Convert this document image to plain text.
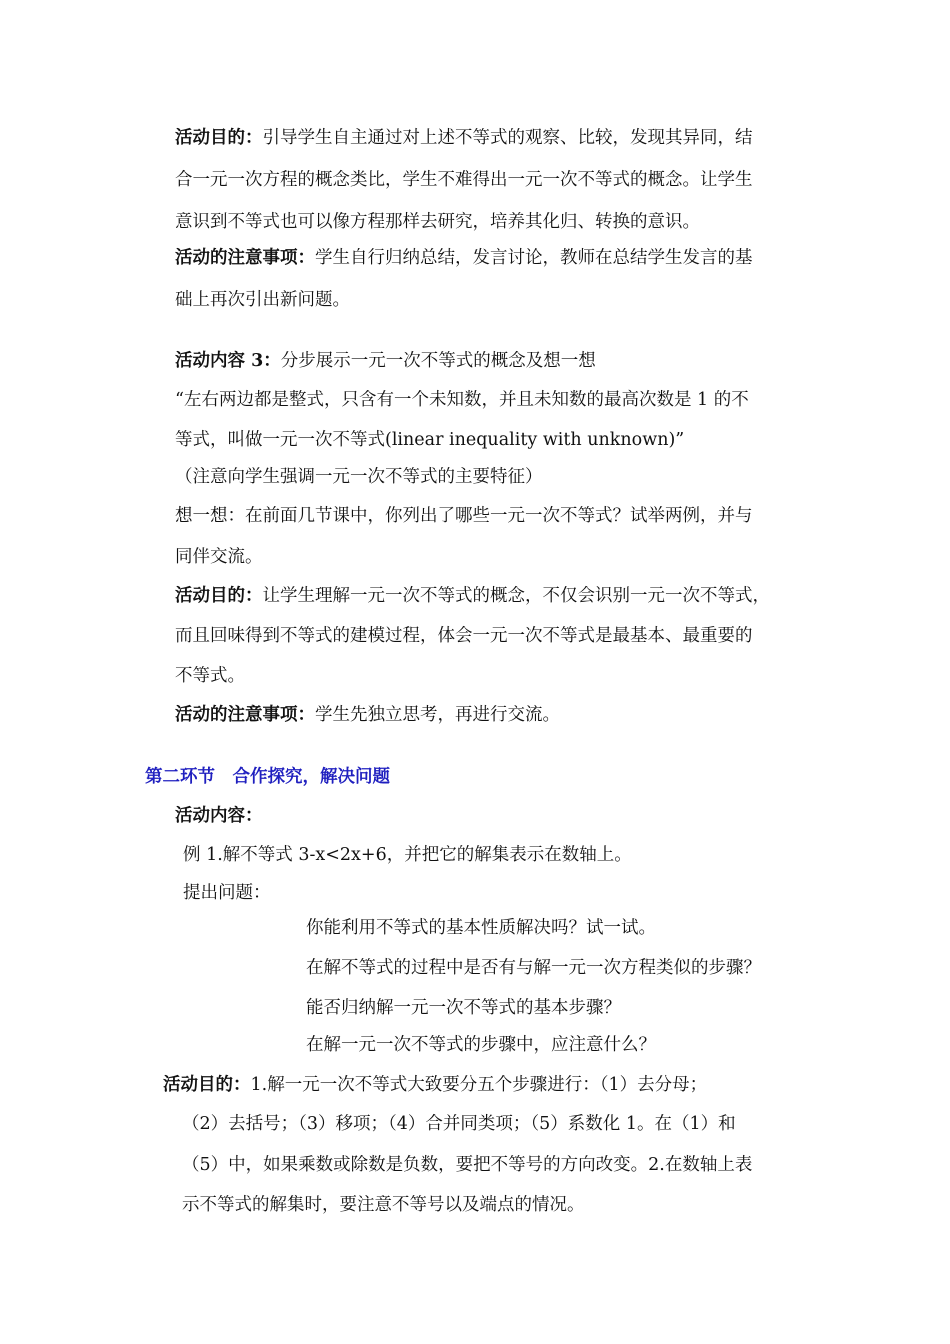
活动目的：引导学生自主通过对上述不等式的观察、比较，发现其异同，结
合一元一次方程的概念类比，学生不难得出一元一次不等式的概念。让学生
意识到不等式也可以像方程那样去研究，培养其化归、转换的意识。
活动的注意事项：学生自行归纳总结，发言讨论，教师在总结学生发言的基
础上再次引出新问题。
活动内容 3：分步展示一元一次不等式的概念及想一想
“左右两边都是整式，只含有一个未知数，并且未知数的最高次数是 1 的不
等式，叫做一元一次不等式(linear inequality with unknown)”
（注意向学生强调一元一次不等式的主要特征）
想一想：在前面几节课中，你列出了哪些一元一次不等式？试举两例，并与
同伴交流。
活动目的：让学生理解一元一次不等式的概念，不仅会识别一元一次不等式，
而且回味得到不等式的建模过程，体会一元一次不等式是最基本、最重要的
不等式。
活动的注意事项：学生先独立思考，再进行交流。
第二环节　合作探究，解决问题
活动内容：
例 1.解不等式 3-x<2x+6，并把它的解集表示在数轴上。
提出问题：
你能利用不等式的基本性质解决吗？试一试。
在解不等式的过程中是否有与解一元一次方程类似的步骤？
能否归纳解一元一次不等式的基本步骤？
在解一元一次不等式的步骤中，应注意什么？
活动目的：1.解一元一次不等式大致要分五个步骤进行：（1）去分母；
（2）去括号；（3）移项；（4）合并同类项；（5）系数化 1。在（1）和
（5）中，如果乘数或除数是负数，要把不等号的方向改变。2.在数轴上表
示不等式的解集时，要注意不等号以及端点的情况。
